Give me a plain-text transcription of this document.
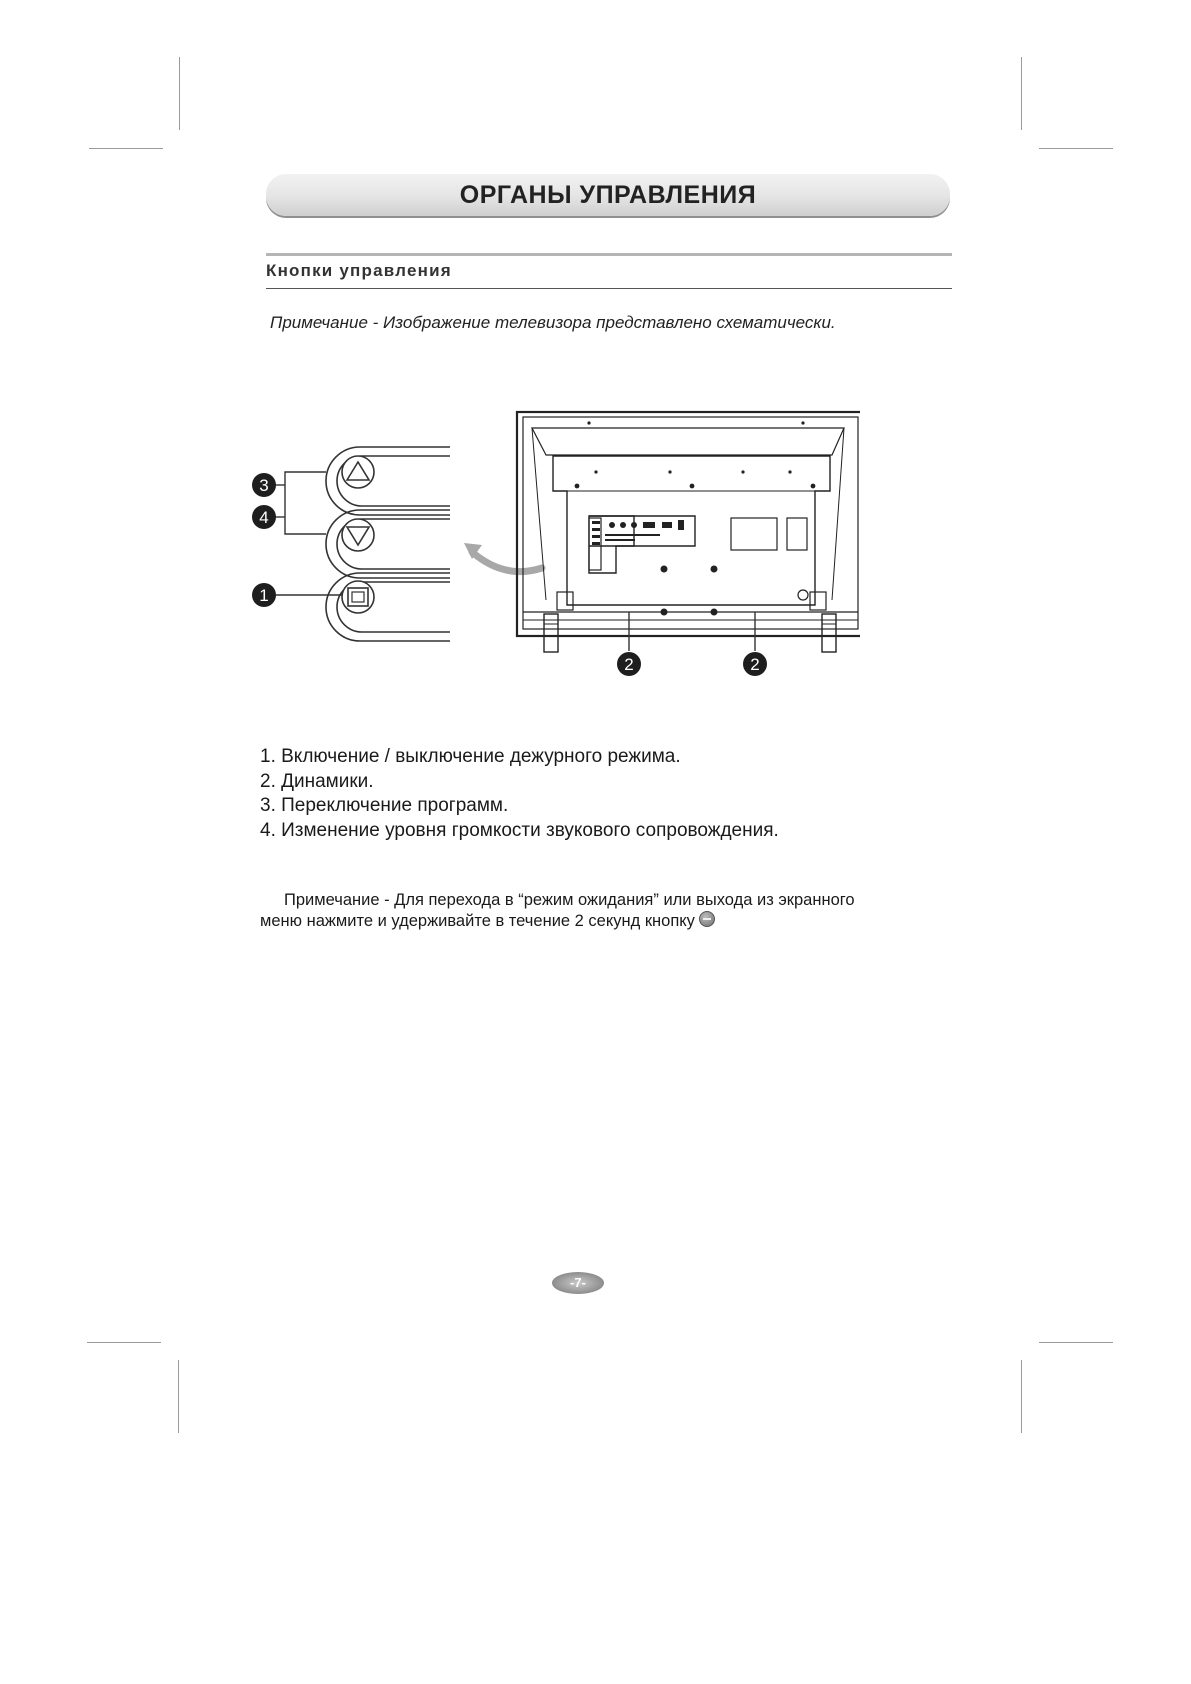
ОРГАНЫ УПРАВЛЕНИЯ
Кнопки управления
Примечание - Изображение телевизора представлено схематически.
3
4
1
2	2
1. Включение / выключение дежурного режима.
2. Динамики.
3. Переключение программ.
4. Изменение уровня громкости звукового сопровождения.
Примечание - Для перехода в “режим ожидания” или выхода из экранного
меню нажмите и удерживайте в течение 2 секунд кнопку
-7-
